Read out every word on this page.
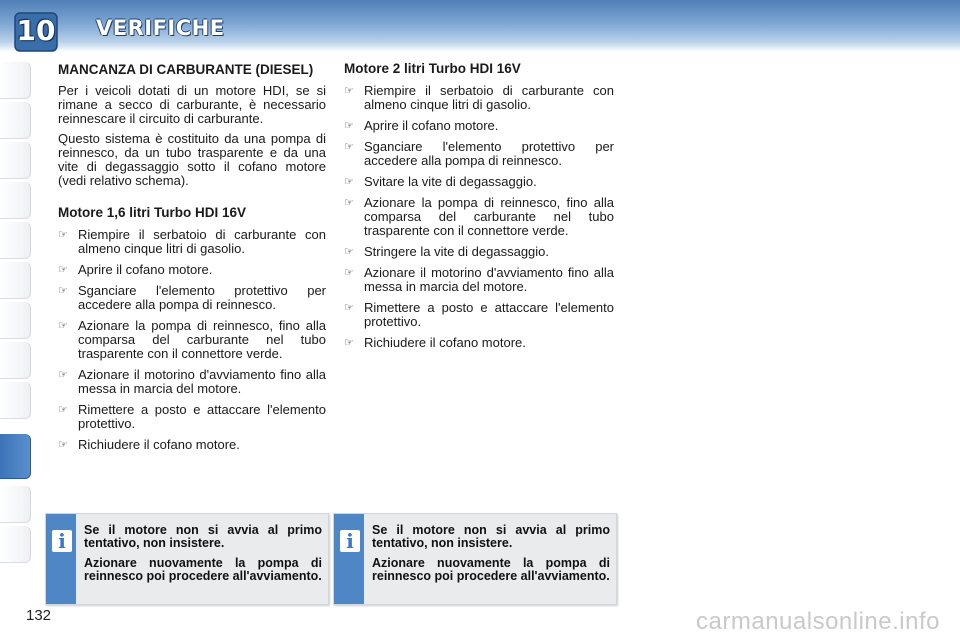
10 VERIFICHE
MANCANZA DI CARBURANTE (DIESEL)

Per i veicoli dotati di un motore HDI, se si rimane a secco di carburante, è necessario reinnescare il circuito di carburante.

Questo sistema è costituito da una pompa di reinnesco, da un tubo trasparente e da una vite di degassaggio sotto il cofano motore (vedi relativo schema).

Motore 1,6 litri Turbo HDI 16V
☞ Riempire il serbatoio di carburante con almeno cinque litri di gasolio.
☞ Aprire il cofano motore.
☞ Sganciare l'elemento protettivo per accedere alla pompa di reinnesco.
☞ Azionare la pompa di reinnesco, fino alla comparsa del carburante nel tubo trasparente con il connettore verde.
☞ Azionare il motorino d'avviamento fino alla messa in marcia del motore.
☞ Rimettere a posto e attaccare l'elemento protettivo.
☞ Richiudere il cofano motore.
Motore 2 litri Turbo HDI 16V
☞ Riempire il serbatoio di carburante con almeno cinque litri di gasolio.
☞ Aprire il cofano motore.
☞ Sganciare l'elemento protettivo per accedere alla pompa di reinnesco.
☞ Svitare la vite di degassaggio.
☞ Azionare la pompa di reinnesco, fino alla comparsa del carburante nel tubo trasparente con il connettore verde.
☞ Stringere la vite di degassaggio.
☞ Azionare il motorino d'avviamento fino alla messa in marcia del motore.
☞ Rimettere a posto e attaccare l'elemento protettivo.
☞ Richiudere il cofano motore.
i	Se il motore non si avvia al primo tentativo, non insistere.

Azionare nuovamente la pompa di reinnesco poi procedere all'avviamento.

i	Se il motore non si avvia al primo tentativo, non insistere.

Azionare nuovamente la pompa di reinnesco poi procedere all'avviamento.

132	carmanualsonline.info
